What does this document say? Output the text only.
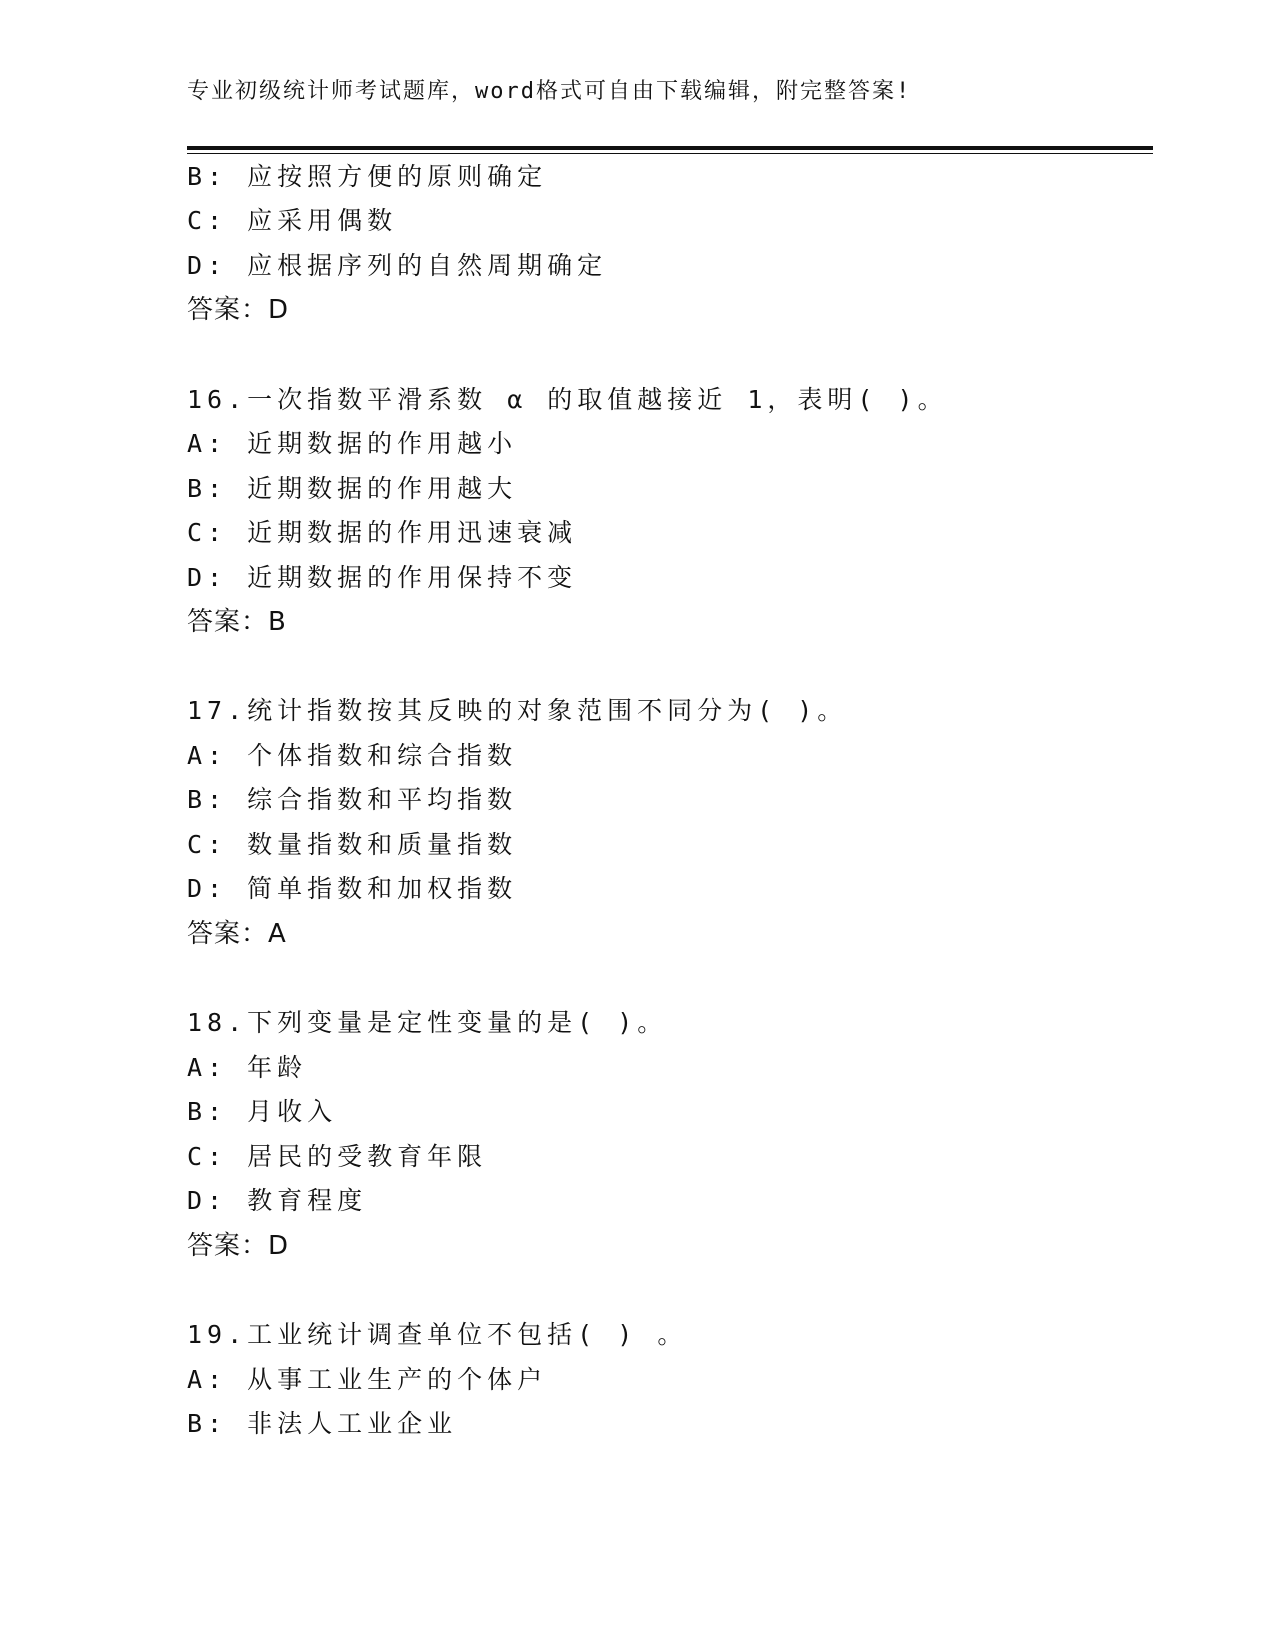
专业初级统计师考试题库，word格式可自由下载编辑，附完整答案!
B: 应按照方便的原则确定
C: 应采用偶数
D: 应根据序列的自然周期确定
答案：D
16.一次指数平滑系数 α 的取值越接近 1，表明( )。
A: 近期数据的作用越小
B: 近期数据的作用越大
C: 近期数据的作用迅速衰减
D: 近期数据的作用保持不变
答案：B
17.统计指数按其反映的对象范围不同分为( )。
A: 个体指数和综合指数
B: 综合指数和平均指数
C: 数量指数和质量指数
D: 简单指数和加权指数
答案：A
18.下列变量是定性变量的是( )。
A: 年龄
B: 月收入
C: 居民的受教育年限
D: 教育程度
答案：D
19.工业统计调查单位不包括( ) 。
A: 从事工业生产的个体户
B: 非法人工业企业
